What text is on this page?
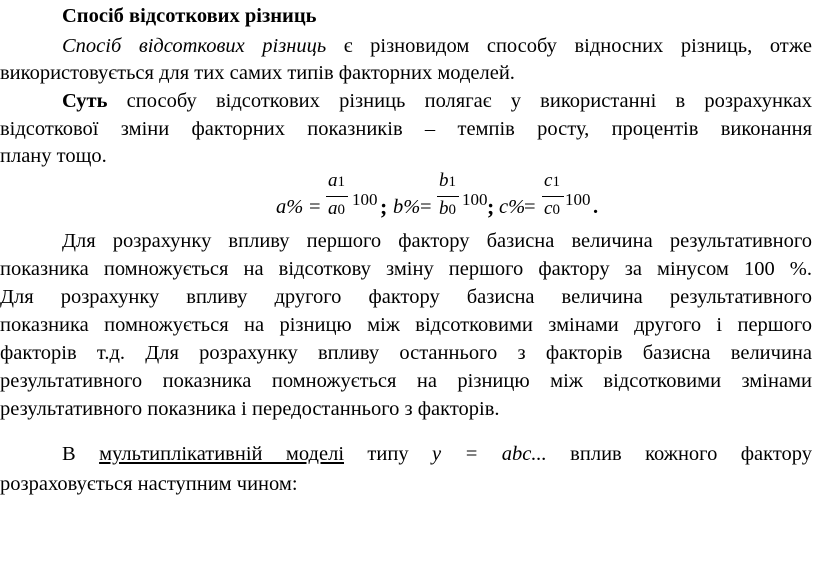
Спосіб відсоткових різниць
Спосіб відсоткових різниць є різновидом способу відносних різниць, отже
використовується для тих самих типів факторних моделей.
Суть способу відсоткових різниць полягає у використанні в розрахунках
відсоткової зміни факторних показників – темпів росту, процентів виконання
плану тощо.
a% =
a1
a0
100 ; b% =
b1
b0
100 ; c%
=
c1
c0
100 .
Для розрахунку впливу першого фактору базисна величина результативного
показника помножується на відсоткову зміну першого фактору за мінусом 100 %.
Для розрахунку впливу другого фактору базисна величина результативного
показника помножується на різницю між відсотковими змінами другого і першого
факторів т.д. Для розрахунку впливу останнього з факторів базисна величина
результативного показника помножується на різницю між відсотковими змінами
результативного показника і передостаннього з факторів.
В мультиплікативній моделі типу у = abc... вплив кожного фактору
розраховується наступним чином:
